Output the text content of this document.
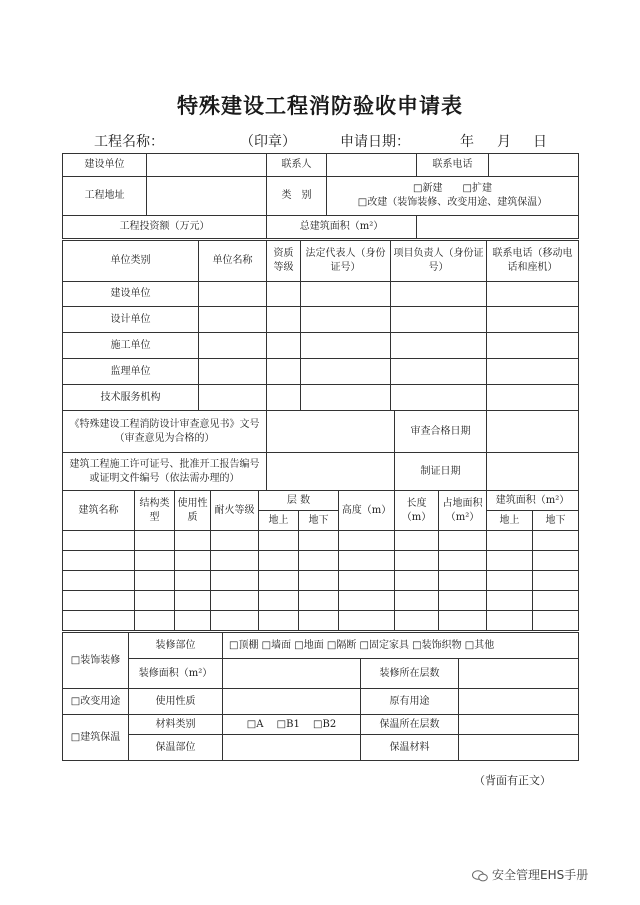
特殊建设工程消防验收申请表
工程名称：	（印章）	申请日期：	年 月 日
建设单位		联系人		联系电话	
工程地址		类　别	□新建   □扩建
□改建（装饰装修、改变用途、建筑保温）		

工程投资额（万元）		总建筑面积（m²）			
单位类别	单位名称	资质等级	法定代表人（身份证号）	项目负责人（身份证号）	联系电话（移动电话和座机）
建设单位					
设计单位					
施工单位					
监理单位					
技术服务机构					
《特殊建设工程消防设计审查意见书》文号（审查意见为合格的）		审查合格日期	
建筑工程施工许可证号、批准开工报告编号或证明文件编号（依法需办理的）		制证日期	
建筑名称	结构类型	使用性质	耐火等级	层 数		高度（m）	长度（m）	占地面积（m²）	建筑面积（m²）	
				地上	地下				地上	地下

□装饰装修	装修部位	□顶棚 □墙面 □地面 □隔断 □固定家具 □装饰织物 □其他		
	装修面积（m²）		装修所在层数	
□改变用途	使用性质		原有用途	
□建筑保温	材料类别	□A  □B1  □B2	保温所在层数	
	保温部位		保温材料	
（背面有正文）
安全管理EHS手册
